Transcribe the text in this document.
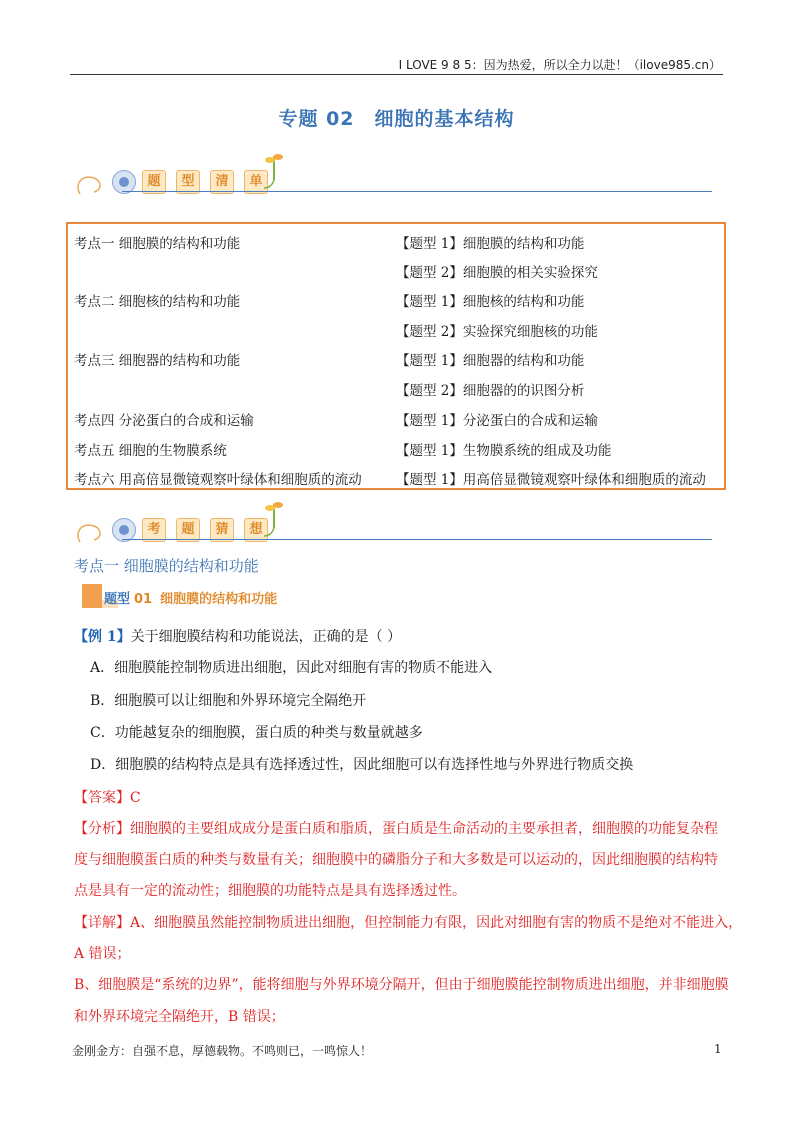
I LOVE 9 8 5：因为热爱，所以全力以赴！（ilove985.cn）
专题 02　细胞的基本结构
题	型	清	单
考点一 细胞膜的结构和功能	【题型 1】细胞膜的结构和功能
【题型 2】细胞膜的相关实验探究
考点二 细胞核的结构和功能	【题型 1】细胞核的结构和功能
【题型 2】实验探究细胞核的功能
考点三 细胞器的结构和功能	【题型 1】细胞器的结构和功能
【题型 2】细胞器的的识图分析
考点四 分泌蛋白的合成和运输	【题型 1】分泌蛋白的合成和运输
考点五 细胞的生物膜系统	【题型 1】生物膜系统的组成及功能
考点六 用高倍显微镜观察叶绿体和细胞质的流动	【题型 1】用高倍显微镜观察叶绿体和细胞质的流动
考	题	猜	想
考点一 细胞膜的结构和功能
题型 01 细胞膜的结构和功能
【例 1】关于细胞膜结构和功能说法，正确的是（ ）
A．细胞膜能控制物质进出细胞，因此对细胞有害的物质不能进入
B．细胞膜可以让细胞和外界环境完全隔绝开
C．功能越复杂的细胞膜，蛋白质的种类与数量就越多
D．细胞膜的结构特点是具有选择透过性，因此细胞可以有选择性地与外界进行物质交换
【答案】C
【分析】细胞膜的主要组成成分是蛋白质和脂质，蛋白质是生命活动的主要承担者，细胞膜的功能复杂程
度与细胞膜蛋白质的种类与数量有关；细胞膜中的磷脂分子和大多数是可以运动的，因此细胞膜的结构特
点是具有一定的流动性；细胞膜的功能特点是具有选择透过性。
【详解】A、细胞膜虽然能控制物质进出细胞，但控制能力有限，因此对细胞有害的物质不是绝对不能进入，
A 错误；
B、细胞膜是“系统的边界”，能将细胞与外界环境分隔开，但由于细胞膜能控制物质进出细胞，并非细胞膜
和外界环境完全隔绝开，B 错误；
金刚金方：自强不息，厚德载物。不鸣则已，一鸣惊人！	1
